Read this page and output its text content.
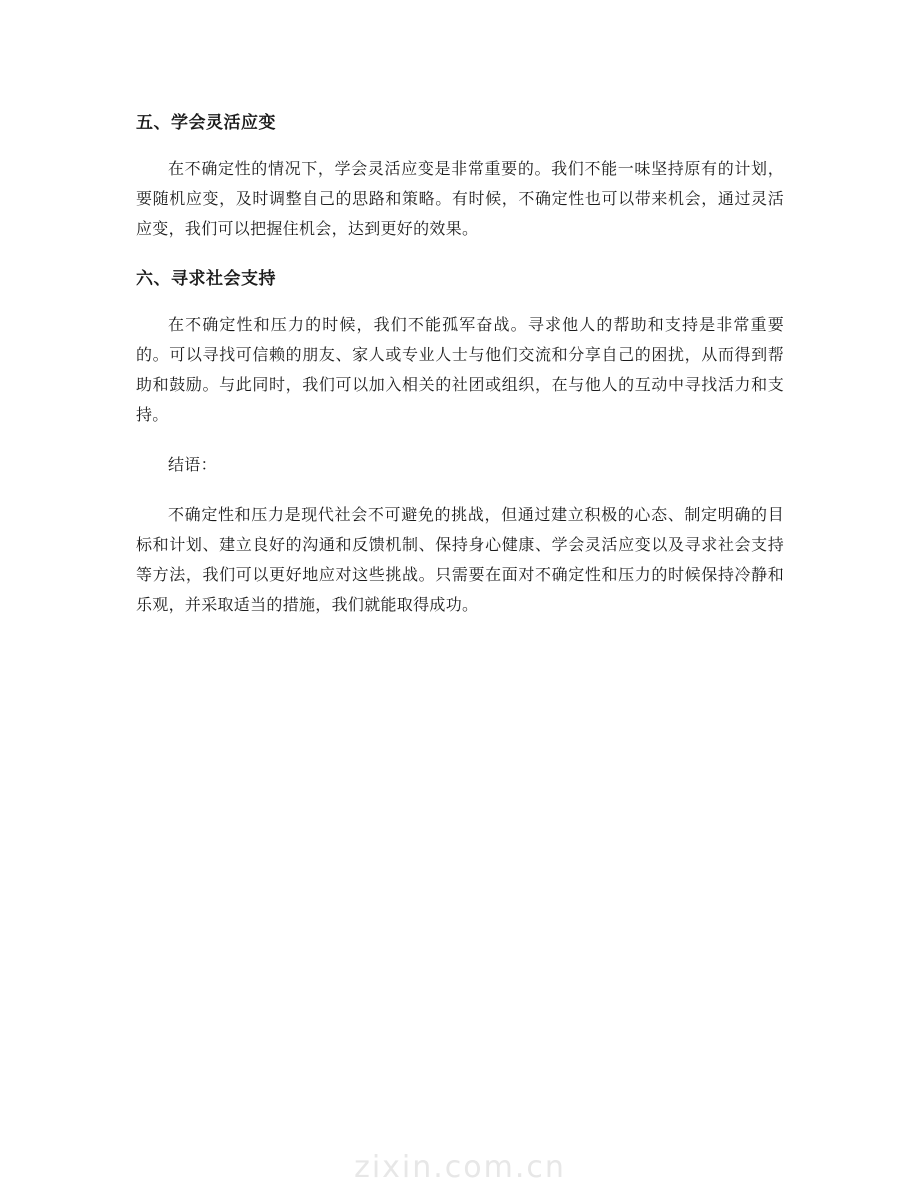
五、学会灵活应变

在不确定性的情况下，学会灵活应变是非常重要的。我们不能一味坚持原有的计划，要随机应变，及时调整自己的思路和策略。有时候，不确定性也可以带来机会，通过灵活应变，我们可以把握住机会，达到更好的效果。

六、寻求社会支持

在不确定性和压力的时候，我们不能孤军奋战。寻求他人的帮助和支持是非常重要的。可以寻找可信赖的朋友、家人或专业人士与他们交流和分享自己的困扰，从而得到帮助和鼓励。与此同时，我们可以加入相关的社团或组织，在与他人的互动中寻找活力和支持。

结语：

不确定性和压力是现代社会不可避免的挑战，但通过建立积极的心态、制定明确的目标和计划、建立良好的沟通和反馈机制、保持身心健康、学会灵活应变以及寻求社会支持等方法，我们可以更好地应对这些挑战。只需要在面对不确定性和压力的时候保持冷静和乐观，并采取适当的措施，我们就能取得成功。

zixin.com.cn
